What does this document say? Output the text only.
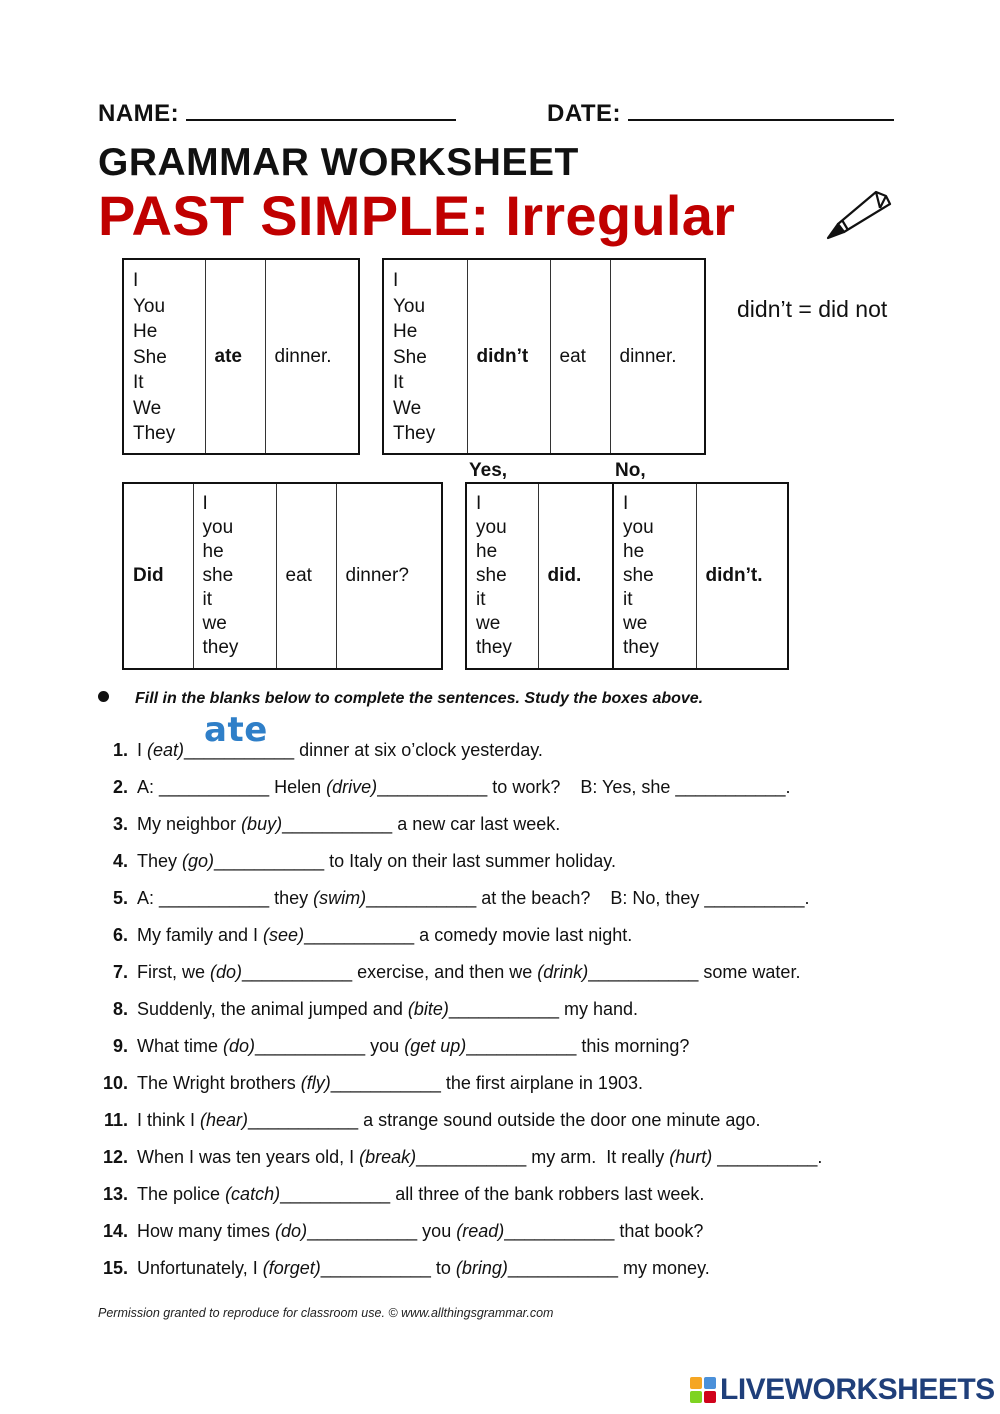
NAME:	DATE:
GRAMMAR WORKSHEET
PAST SIMPLE: Irregular
I
You
He
She
It
We
They
	ate	dinner.
I
You
He
She
It
We
They
	didn’t	eat	dinner.
didn’t = did not
Yes,	No,
Did	
I
you
he
she
it
we
they
	eat	dinner?
I
you
he
she
it
we
they
	did.	
I
you
he
she
it
we
they
	didn’t.
Fill in the blanks below to complete the sentences. Study the boxes above.
1. I (eat)___________ dinner at six o’clock yesterday.
ate
2. A: ___________ Helen (drive)___________ to work?    B: Yes, she ___________.
3. My neighbor (buy)___________ a new car last week.
4. They (go)___________ to Italy on their last summer holiday.
5. A: ___________ they (swim)___________ at the beach?    B: No, they __________.
6. My family and I (see)___________ a comedy movie last night.
7. First, we (do)___________ exercise, and then we (drink)___________ some water.
8. Suddenly, the animal jumped and (bite)___________ my hand.
9. What time (do)___________ you (get up)___________ this morning?
10. The Wright brothers (fly)___________ the first airplane in 1903.
11. I think I (hear)___________ a strange sound outside the door one minute ago.
12. When I was ten years old, I (break)___________ my arm.  It really (hurt) __________.
13. The police (catch)___________ all three of the bank robbers last week.
14. How many times (do)___________ you (read)___________ that book?
15. Unfortunately, I (forget)___________ to (bring)___________ my money.
Permission granted to reproduce for classroom use. © www.allthingsgrammar.com
LIVEWORKSHEETS
